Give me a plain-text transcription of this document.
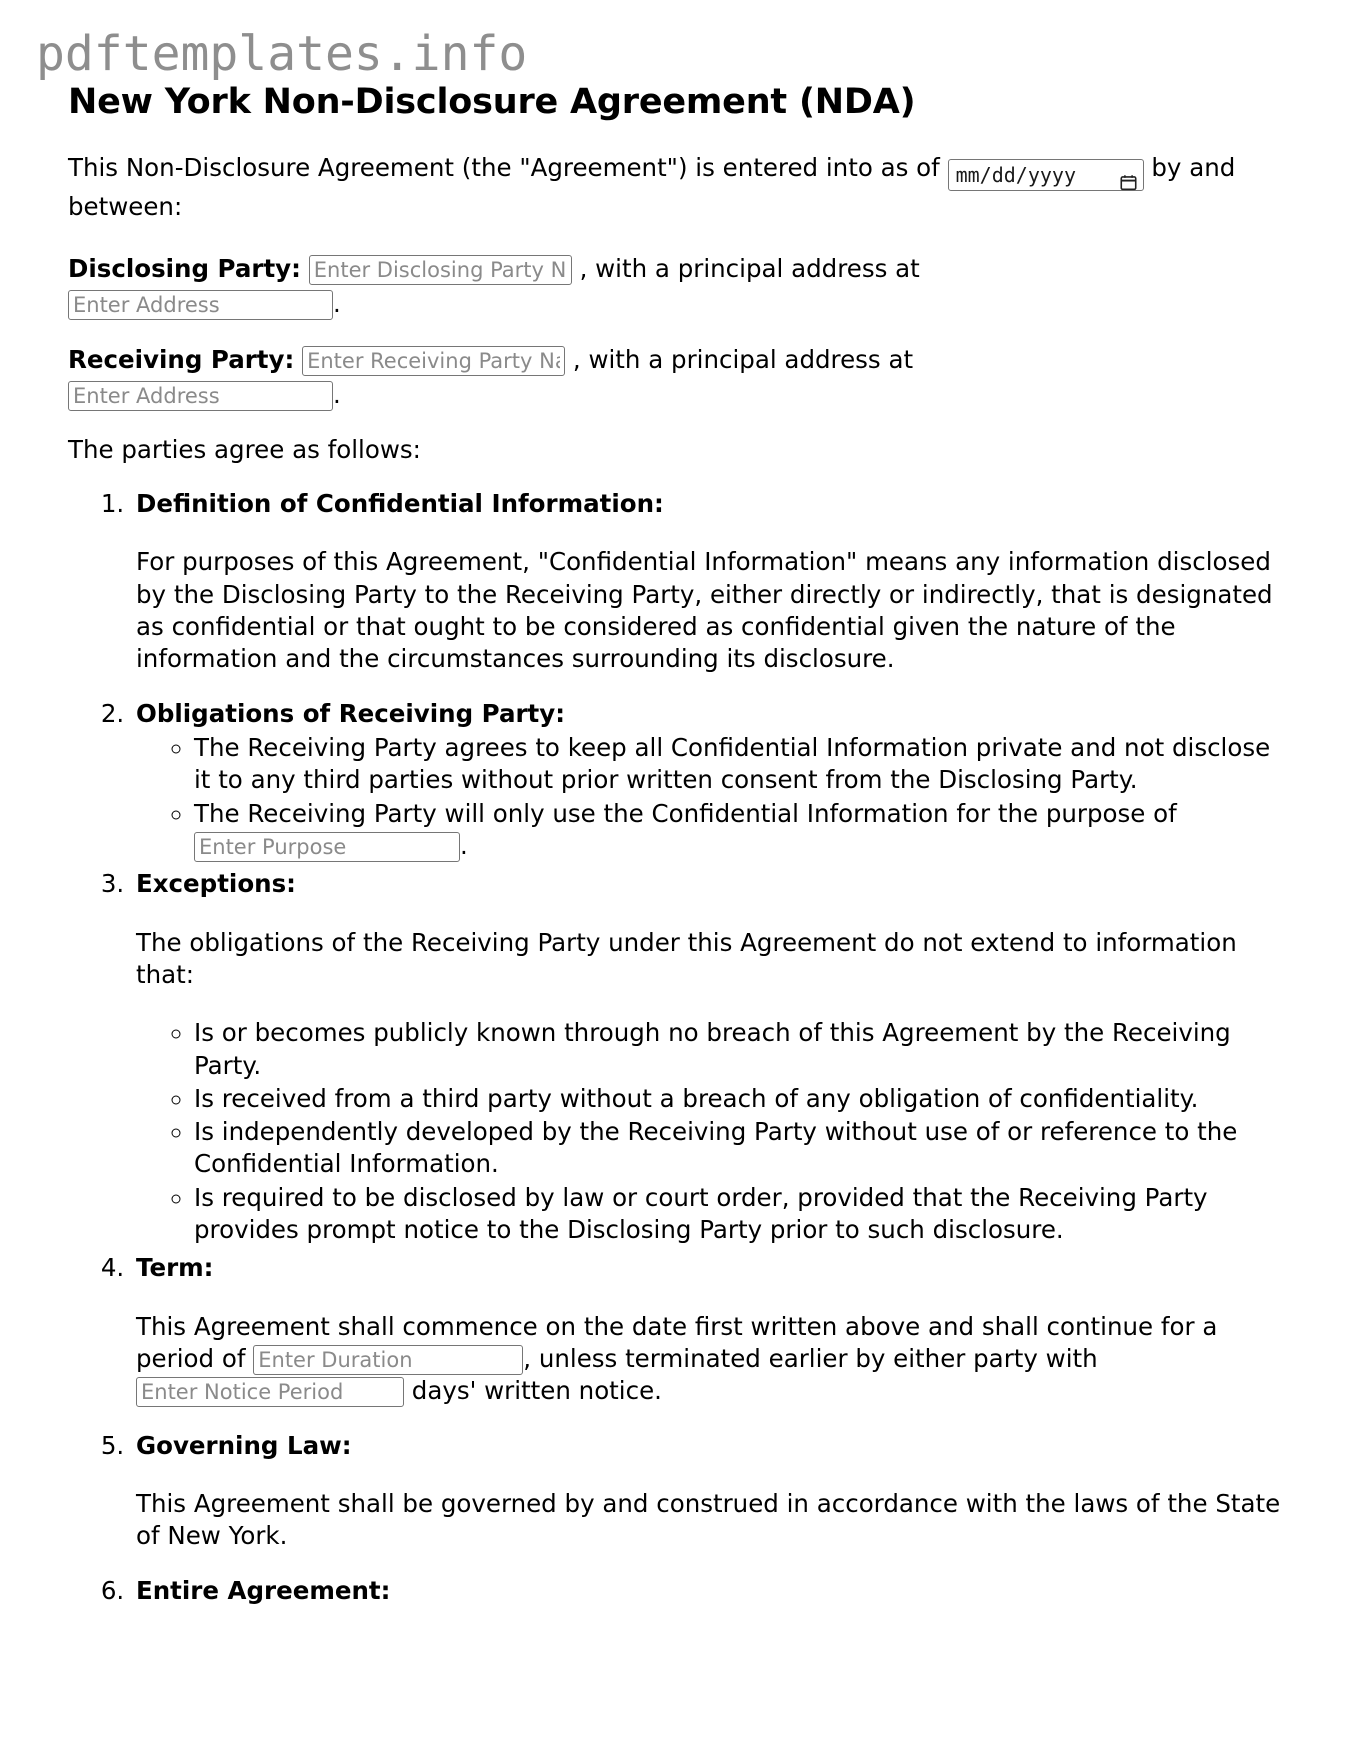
pdftemplates.info
New York Non-Disclosure Agreement (NDA)

This Non-Disclosure Agreement (the "Agreement") is entered into as of mm/dd/yyyy	by and between:

Disclosing Party: Enter Disclosing Party Name	, with a principal address at
Enter Address.
Receiving Party: Enter Receiving Party Name	, with a principal address at
Enter Address.

The parties agree as follows:

1. Definition of Confidential Information:
For purposes of this Agreement, "Confidential Information" means any information disclosed by the Disclosing Party to the Receiving Party, either directly or indirectly, that is designated as confidential or that ought to be considered as confidential given the nature of the information and the circumstances surrounding its disclosure.
2. Obligations of Receiving Party:
◦ The Receiving Party agrees to keep all Confidential Information private and not disclose it to any third parties without prior written consent from the Disclosing Party.
◦ The Receiving Party will only use the Confidential Information for the purpose of
Enter Purpose.
3. Exceptions:
The obligations of the Receiving Party under this Agreement do not extend to information that:
◦ Is or becomes publicly known through no breach of this Agreement by the Receiving Party.
◦ Is received from a third party without a breach of any obligation of confidentiality.
◦ Is independently developed by the Receiving Party without use of or reference to the Confidential Information.
◦ Is required to be disclosed by law or court order, provided that the Receiving Party provides prompt notice to the Disclosing Party prior to such disclosure.
4. Term:
This Agreement shall commence on the date first written above and shall continue for a period of Enter Duration	, unless terminated earlier by either party with
Enter Notice Period days' written notice.
5. Governing Law:
This Agreement shall be governed by and construed in accordance with the laws of the State of New York.
6. Entire Agreement:
